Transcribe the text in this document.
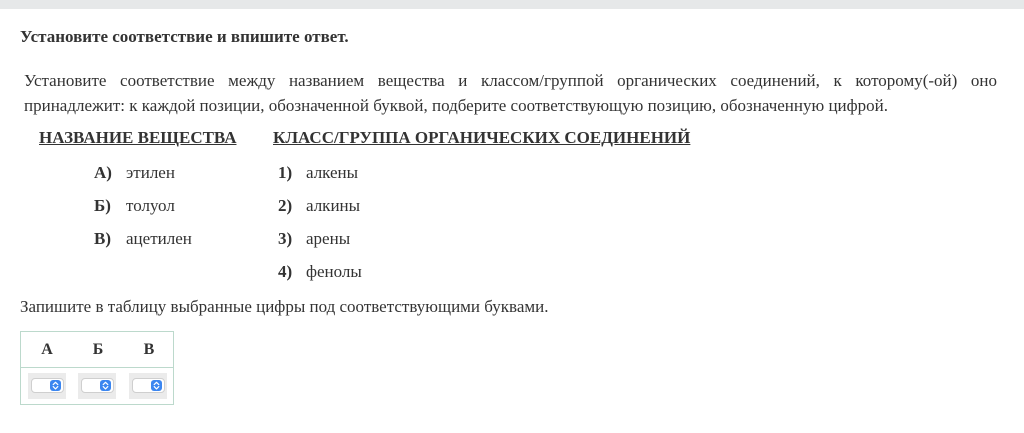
Установите соответствие и впишите ответ.
Установите соответствие между названием вещества и классом/группой органических соединений, к которому(-ой) оно принадлежит: к каждой позиции, обозначенной буквой, подберите соответствующую позицию, обозначенную цифрой.
НАЗВАНИЕ ВЕЩЕСТВА КЛАСС/ГРУППА ОРГАНИЧЕСКИХ СОЕДИНЕНИЙ
А) этилен
Б) толуол
В) ацетилен
1) алкены
2) алкины
3) арены
4) фенолы
Запишите в таблицу выбранные цифры под соответствующими буквами.
А	Б	В
